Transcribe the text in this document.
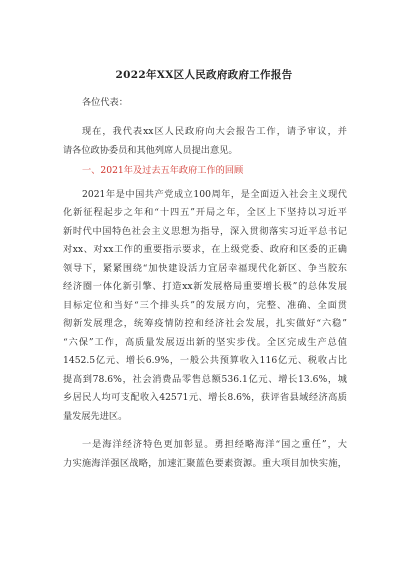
2022年XX区人民政府政府工作报告
各位代表：
现在，我代表xx区人民政府向大会报告工作，请予审议，并
请各位政协委员和其他列席人员提出意见。
一、2021年及过去五年政府工作的回顾
2021年是中国共产党成立100周年，是全面迈入社会主义现代
化新征程起步之年和“十四五”开局之年，全区上下坚持以习近平
新时代中国特色社会主义思想为指导，深入贯彻落实习近平总书记
对xx、对xx工作的重要指示要求，在上级党委、政府和区委的正确
领导下，紧紧围绕“加快建设活力宜居幸福现代化新区、争当胶东
经济圈一体化新引擎、打造xx新发展格局重要增长极”的总体发展
目标定位和当好“三个排头兵”的发展方向，完整、准确、全面贯
彻新发展理念，统筹疫情防控和经济社会发展，扎实做好“六稳”
“六保”工作，高质量发展迈出新的坚实步伐。全区完成生产总值
1452.5亿元、增长6.9%，一般公共预算收入116亿元、税收占比
提高到78.6%，社会消费品零售总额536.1亿元、增长13.6%，城
乡居民人均可支配收入42571元、增长8.6%，获评省县域经济高质
量发展先进区。
一是海洋经济特色更加彰显。勇担经略海洋“国之重任”，大
力实施海洋强区战略，加速汇聚蓝色要素资源。重大项目加快实施，
